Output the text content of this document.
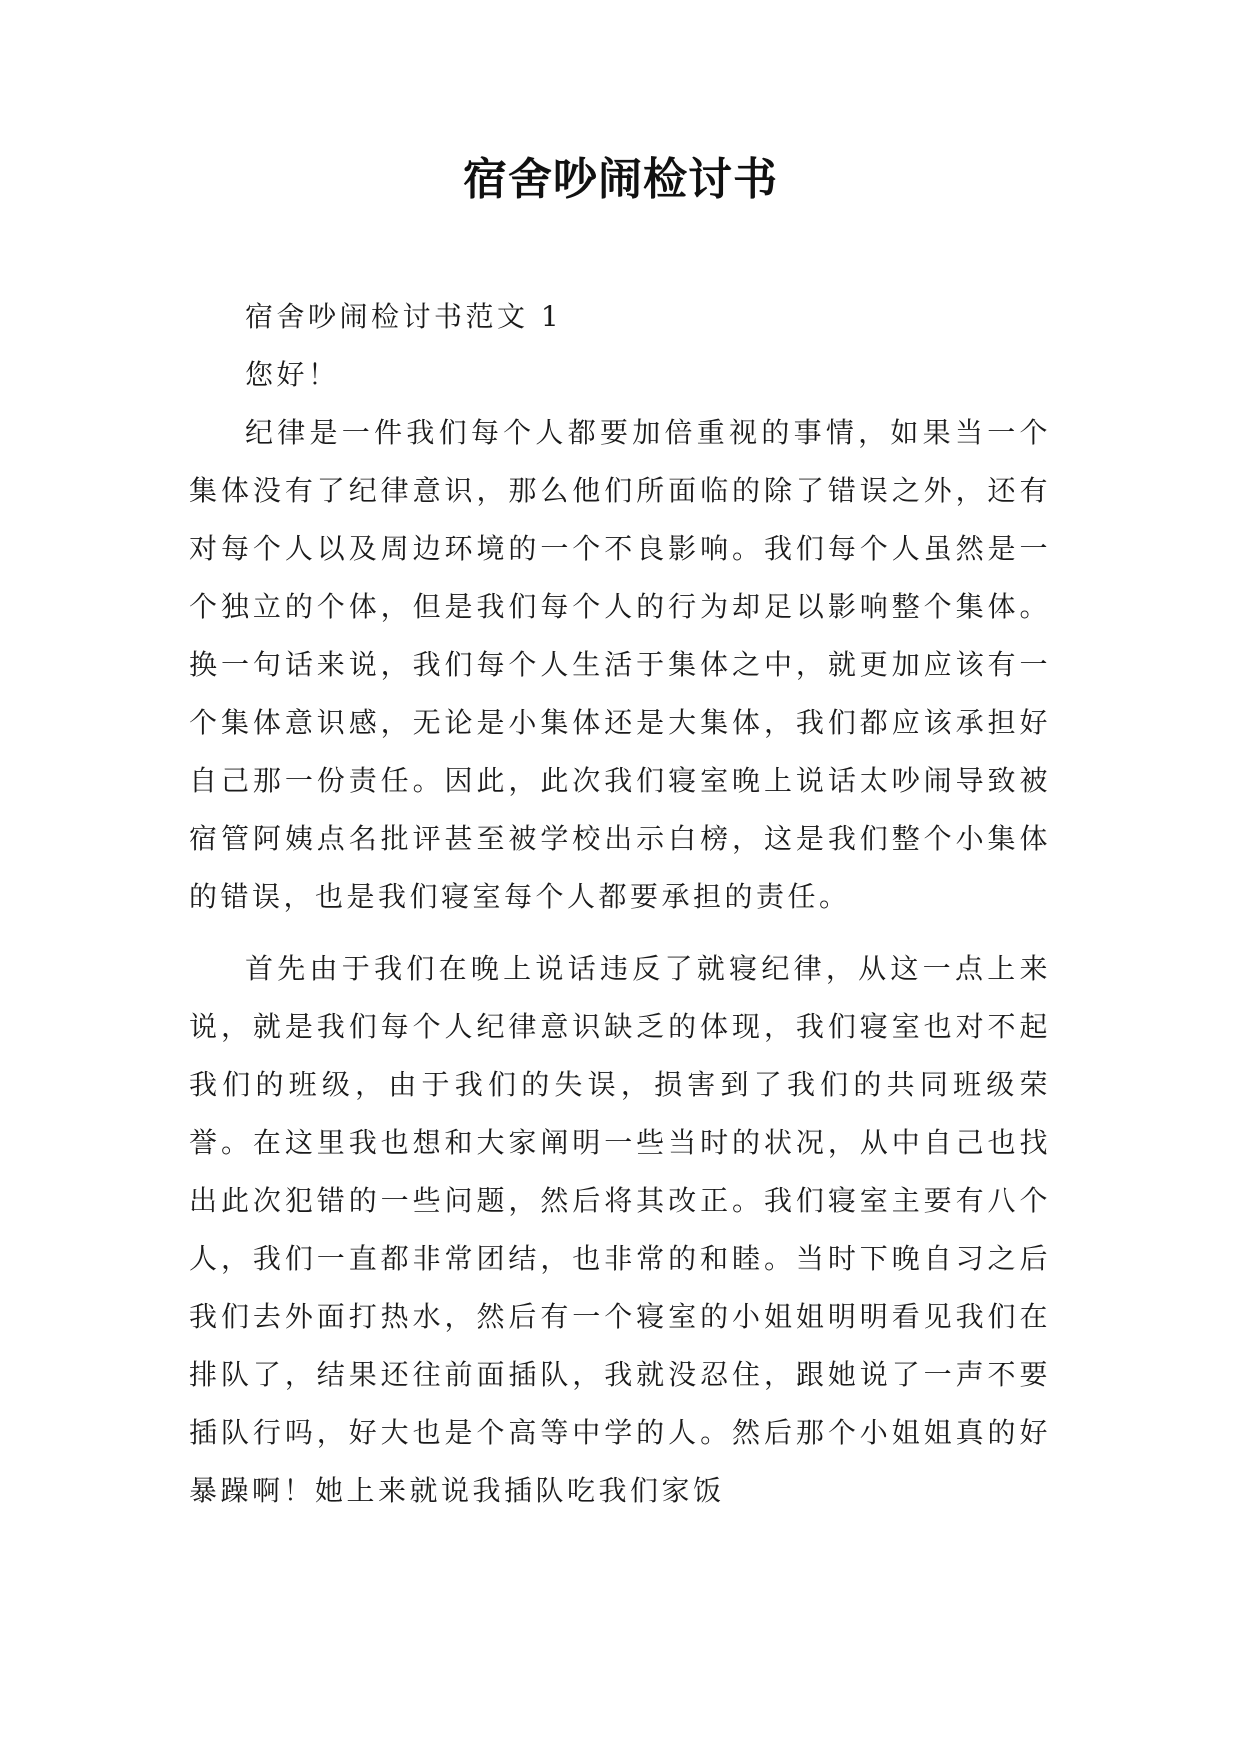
宿舍吵闹检讨书

宿舍吵闹检讨书范文 1

您好！

纪律是一件我们每个人都要加倍重视的事情，如果当一个集体没有了纪律意识，那么他们所面临的除了错误之外，还有对每个人以及周边环境的一个不良影响。我们每个人虽然是一个独立的个体，但是我们每个人的行为却足以影响整个集体。换一句话来说，我们每个人生活于集体之中，就更加应该有一个集体意识感，无论是小集体还是大集体，我们都应该承担好自己那一份责任。因此，此次我们寝室晚上说话太吵闹导致被宿管阿姨点名批评甚至被学校出示白榜，这是我们整个小集体的错误，也是我们寝室每个人都要承担的责任。

首先由于我们在晚上说话违反了就寝纪律，从这一点上来说，就是我们每个人纪律意识缺乏的体现，我们寝室也对不起我们的班级，由于我们的失误，损害到了我们的共同班级荣誉。在这里我也想和大家阐明一些当时的状况，从中自己也找出此次犯错的一些问题，然后将其改正。我们寝室主要有八个人，我们一直都非常团结，也非常的和睦。当时下晚自习之后我们去外面打热水，然后有一个寝室的小姐姐明明看见我们在排队了，结果还往前面插队，我就没忍住，跟她说了一声不要插队行吗，好大也是个高等中学的人。然后那个小姐姐真的好暴躁啊！她上来就说我插队吃我们家饭
